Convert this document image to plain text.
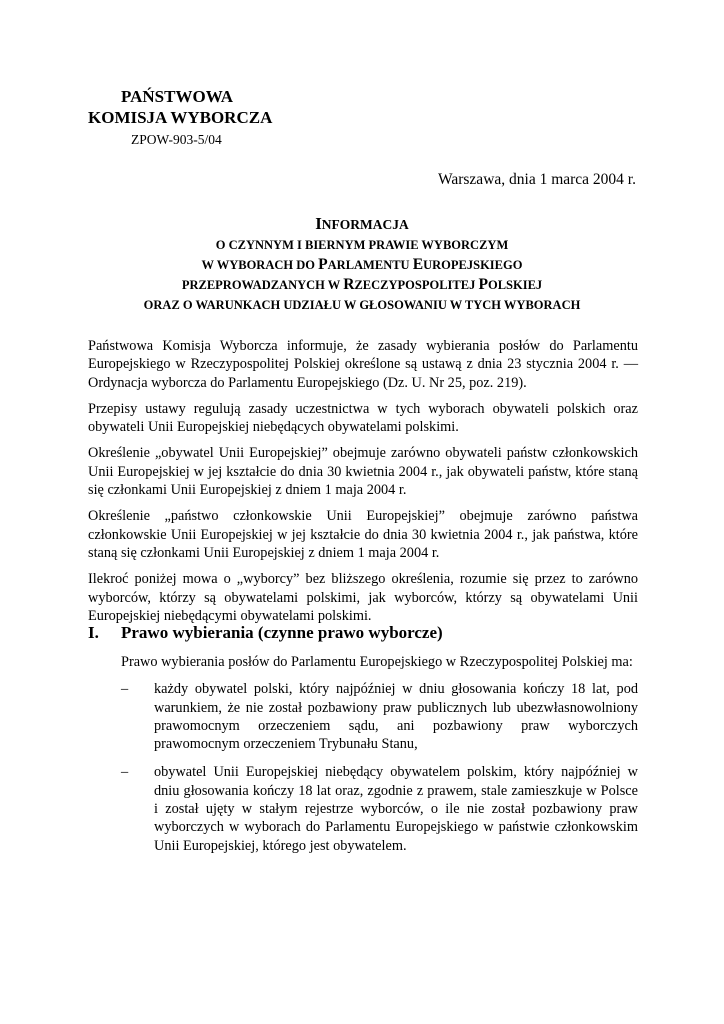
PAŃSTWOWA
KOMISJA WYBORCZA
ZPOW-903-5/04
Warszawa, dnia 1 marca 2004 r.
INFORMACJA
O CZYNNYM I BIERNYM PRAWIE WYBORCZYM
W WYBORACH DO PARLAMENTU EUROPEJSKIEGO
PRZEPROWADZANYCH W RZECZYPOSPOLITEJ POLSKIEJ
ORAZ O WARUNKACH UDZIAŁU W GŁOSOWANIU W TYCH WYBORACH

Państwowa Komisja Wyborcza informuje, że zasady wybierania posłów do Parlamentu Europejskiego w Rzeczypospolitej Polskiej określone są ustawą z dnia 23 stycznia 2004 r. — Ordynacja wyborcza do Parlamentu Europejskiego (Dz. U. Nr 25, poz. 219).

Przepisy ustawy regulują zasady uczestnictwa w tych wyborach obywateli polskich oraz obywateli Unii Europejskiej niebędących obywatelami polskimi.

Określenie „obywatel Unii Europejskiej” obejmuje zarówno obywateli państw członkowskich Unii Europejskiej w jej kształcie do dnia 30 kwietnia 2004 r., jak obywateli państw, które staną się członkami Unii Europejskiej z dniem 1 maja 2004 r.

Określenie „państwo członkowskie Unii Europejskiej” obejmuje zarówno państwa członkowskie Unii Europejskiej w jej kształcie do dnia 30 kwietnia 2004 r., jak państwa, które staną się członkami Unii Europejskiej z dniem 1 maja 2004 r.

Ilekroć poniżej mowa o „wyborcy” bez bliższego określenia, rozumie się przez to zarówno wyborców, którzy są obywatelami polskimi, jak wyborców, którzy są obywatelami Unii Europejskiej niebędącymi obywatelami polskimi.

I. Prawo wybierania (czynne prawo wyborcze)

Prawo wybierania posłów do Parlamentu Europejskiego w Rzeczypospolitej Polskiej ma:

– każdy obywatel polski, który najpóźniej w dniu głosowania kończy 18 lat, pod warunkiem, że nie został pozbawiony praw publicznych lub ubezwłasnowolniony prawomocnym orzeczeniem sądu, ani pozbawiony praw wyborczych prawomocnym orzeczeniem Trybunału Stanu,
– obywatel Unii Europejskiej niebędący obywatelem polskim, który najpóźniej w dniu głosowania kończy 18 lat oraz, zgodnie z prawem, stale zamieszkuje w Polsce i został ujęty w stałym rejestrze wyborców, o ile nie został pozbawiony praw wyborczych w wyborach do Parlamentu Europejskiego w państwie członkowskim Unii Europejskiej, którego jest obywatelem.
